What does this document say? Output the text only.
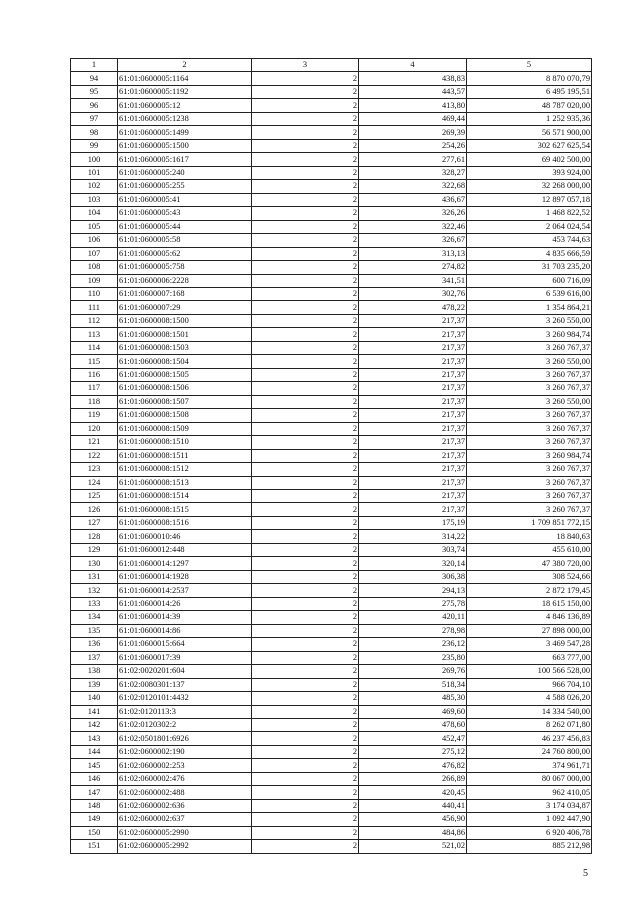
1	2	3	4	5
94	61:01:0600005:1164	2	438,83	8 870 070,79
95	61:01:0600005:1192	2	443,57	6 495 195,51
96	61:01:0600005:12	2	413,80	48 787 020,00
97	61:01:0600005:1238	2	469,44	1 252 935,36
98	61:01:0600005:1499	2	269,39	56 571 900,00
99	61:01:0600005:1500	2	254,26	302 627 625,54
100	61:01:0600005:1617	2	277,61	69 402 500,00
101	61:01:0600005:240	2	328,27	393 924,00
102	61:01:0600005:255	2	322,68	32 268 000,00
103	61:01:0600005:41	2	436,67	12 897 057,18
104	61:01:0600005:43	2	326,26	1 468 822,52
105	61:01:0600005:44	2	322,46	2 064 024,54
106	61:01:0600005:58	2	326,67	453 744,63
107	61:01:0600005:62	2	313,13	4 835 666,59
108	61:01:0600005:758	2	274,82	31 703 235,20
109	61:01:0600006:2228	2	341,51	600 716,09
110	61:01:0600007:168	2	302,76	6 539 616,00
111	61:01:0600007:29	2	478,22	1 354 864,21
112	61:01:0600008:1500	2	217,37	3 260 550,00
113	61:01:0600008:1501	2	217,37	3 260 984,74
114	61:01:0600008:1503	2	217,37	3 260 767,37
115	61:01:0600008:1504	2	217,37	3 260 550,00
116	61:01:0600008:1505	2	217,37	3 260 767,37
117	61:01:0600008:1506	2	217,37	3 260 767,37
118	61:01:0600008:1507	2	217,37	3 260 550,00
119	61:01:0600008:1508	2	217,37	3 260 767,37
120	61:01:0600008:1509	2	217,37	3 260 767,37
121	61:01:0600008:1510	2	217,37	3 260 767,37
122	61:01:0600008:1511	2	217,37	3 260 984,74
123	61:01:0600008:1512	2	217,37	3 260 767,37
124	61:01:0600008:1513	2	217,37	3 260 767,37
125	61:01:0600008:1514	2	217,37	3 260 767,37
126	61:01:0600008:1515	2	217,37	3 260 767,37
127	61:01:0600008:1516	2	175,19	1 709 851 772,15
128	61:01:0600010:46	2	314,22	18 840,63
129	61:01:0600012:448	2	303,74	455 610,00
130	61:01:0600014:1297	2	320,14	47 380 720,00
131	61:01:0600014:1928	2	306,38	308 524,66
132	61:01:0600014:2537	2	294,13	2 872 179,45
133	61:01:0600014:26	2	275,78	18 615 150,00
134	61:01:0600014:39	2	420,11	4 846 136,89
135	61:01:0600014:86	2	278,98	27 898 000,00
136	61:01:0600015:664	2	236,12	3 469 547,28
137	61:01:0600017:39	2	235,80	663 777,00
138	61:02:0020201:604	2	269,76	100 566 528,00
139	61:02:0080301:137	2	518,34	966 704,10
140	61:02:0120101:4432	2	485,30	4 588 026,20
141	61:02:0120113:3	2	469,60	14 334 540,00
142	61:02:0120302:2	2	478,60	8 262 071,80
143	61:02:0501801:6926	2	452,47	46 237 456,83
144	61:02:0600002:190	2	275,12	24 760 800,00
145	61:02:0600002:253	2	476,82	374 961,71
146	61:02:0600002:476	2	266,89	80 067 000,00
147	61:02:0600002:488	2	420,45	962 410,05
148	61:02:0600002:636	2	440,41	3 174 034,87
149	61:02:0600002:637	2	456,90	1 092 447,90
150	61:02:0600005:2990	2	484,86	6 920 406,78
151	61:02:0600005:2992	2	521,02	885 212,98
5
